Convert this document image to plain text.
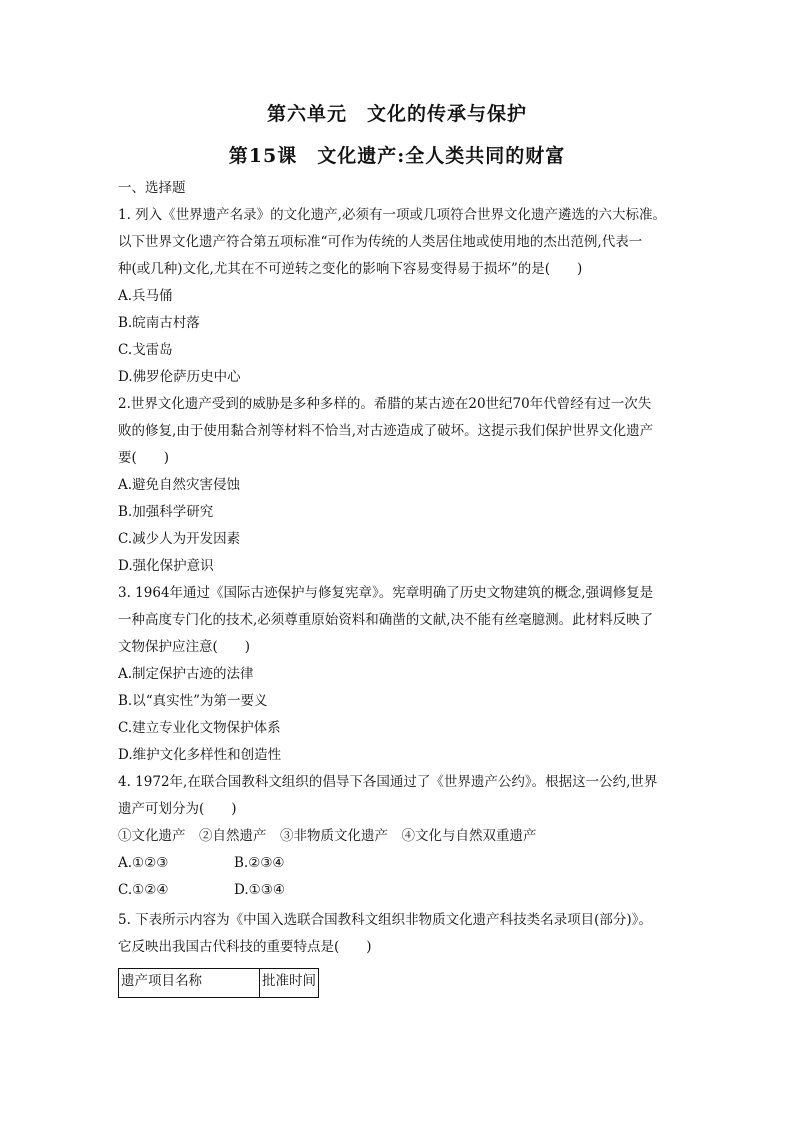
第六单元　文化的传承与保护
第15课　文化遗产:全人类共同的财富
一、选择题
1. 列入《世界遗产名录》的文化遗产,必须有一项或几项符合世界文化遗产遴选的六大标准。
以下世界文化遗产符合第五项标准“可作为传统的人类居住地或使用地的杰出范例,代表一
种(或几种)文化,尤其在不可逆转之变化的影响下容易变得易于损坏”的是(　　)
A.兵马俑
B.皖南古村落
C.戈雷岛
D.佛罗伦萨历史中心
2.世界文化遗产受到的威胁是多种多样的。希腊的某古迹在20世纪70年代曾经有过一次失
败的修复,由于使用黏合剂等材料不恰当,对古迹造成了破坏。这提示我们保护世界文化遗产
要(　　)
A.避免自然灾害侵蚀
B.加强科学研究
C.减少人为开发因素
D.强化保护意识
3. 1964年通过《国际古迹保护与修复宪章》。宪章明确了历史文物建筑的概念,强调修复是
一种高度专门化的技术,必须尊重原始资料和确凿的文献,决不能有丝毫臆测。此材料反映了
文物保护应注意(　　)
A.制定保护古迹的法律
B.以“真实性”为第一要义
C.建立专业化文物保护体系
D.维护文化多样性和创造性
4. 1972年,在联合国教科文组织的倡导下各国通过了《世界遗产公约》。根据这一公约,世界
遗产可划分为(　　)
①文化遗产　②自然遗产　③非物质文化遗产　④文化与自然双重遗产
A.①②③	B.②③④
C.①②④	D.①③④
5. 下表所示内容为《中国入选联合国教科文组织非物质文化遗产科技类名录项目(部分)》。
它反映出我国古代科技的重要特点是(　　)
遗产项目名称	批准时间
